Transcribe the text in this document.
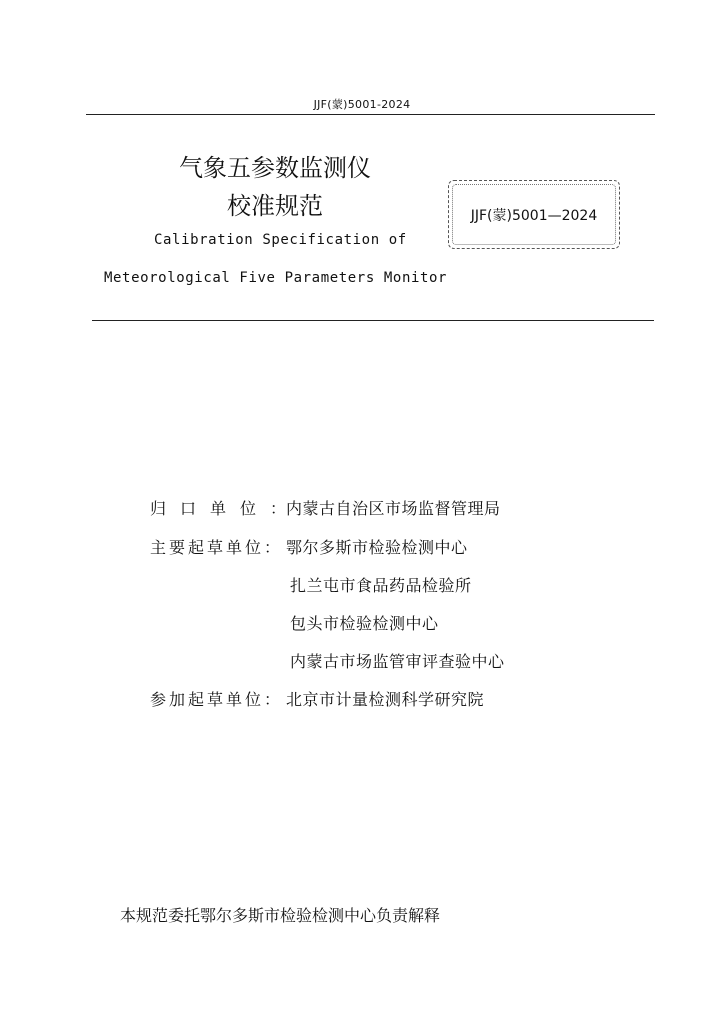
JJF(蒙)5001-2024
气象五参数监测仪
校准规范
Calibration Specification of
Meteorological Five Parameters Monitor
JJF(蒙)5001—2024
归口单位：
内蒙古自治区市场监督管理局
主要起草单位： 鄂尔多斯市检验检测中心
扎兰屯市食品药品检验所
包头市检验检测中心
内蒙古市场监管审评查验中心
参加起草单位： 北京市计量检测科学研究院
本规范委托鄂尔多斯市检验检测中心负责解释
